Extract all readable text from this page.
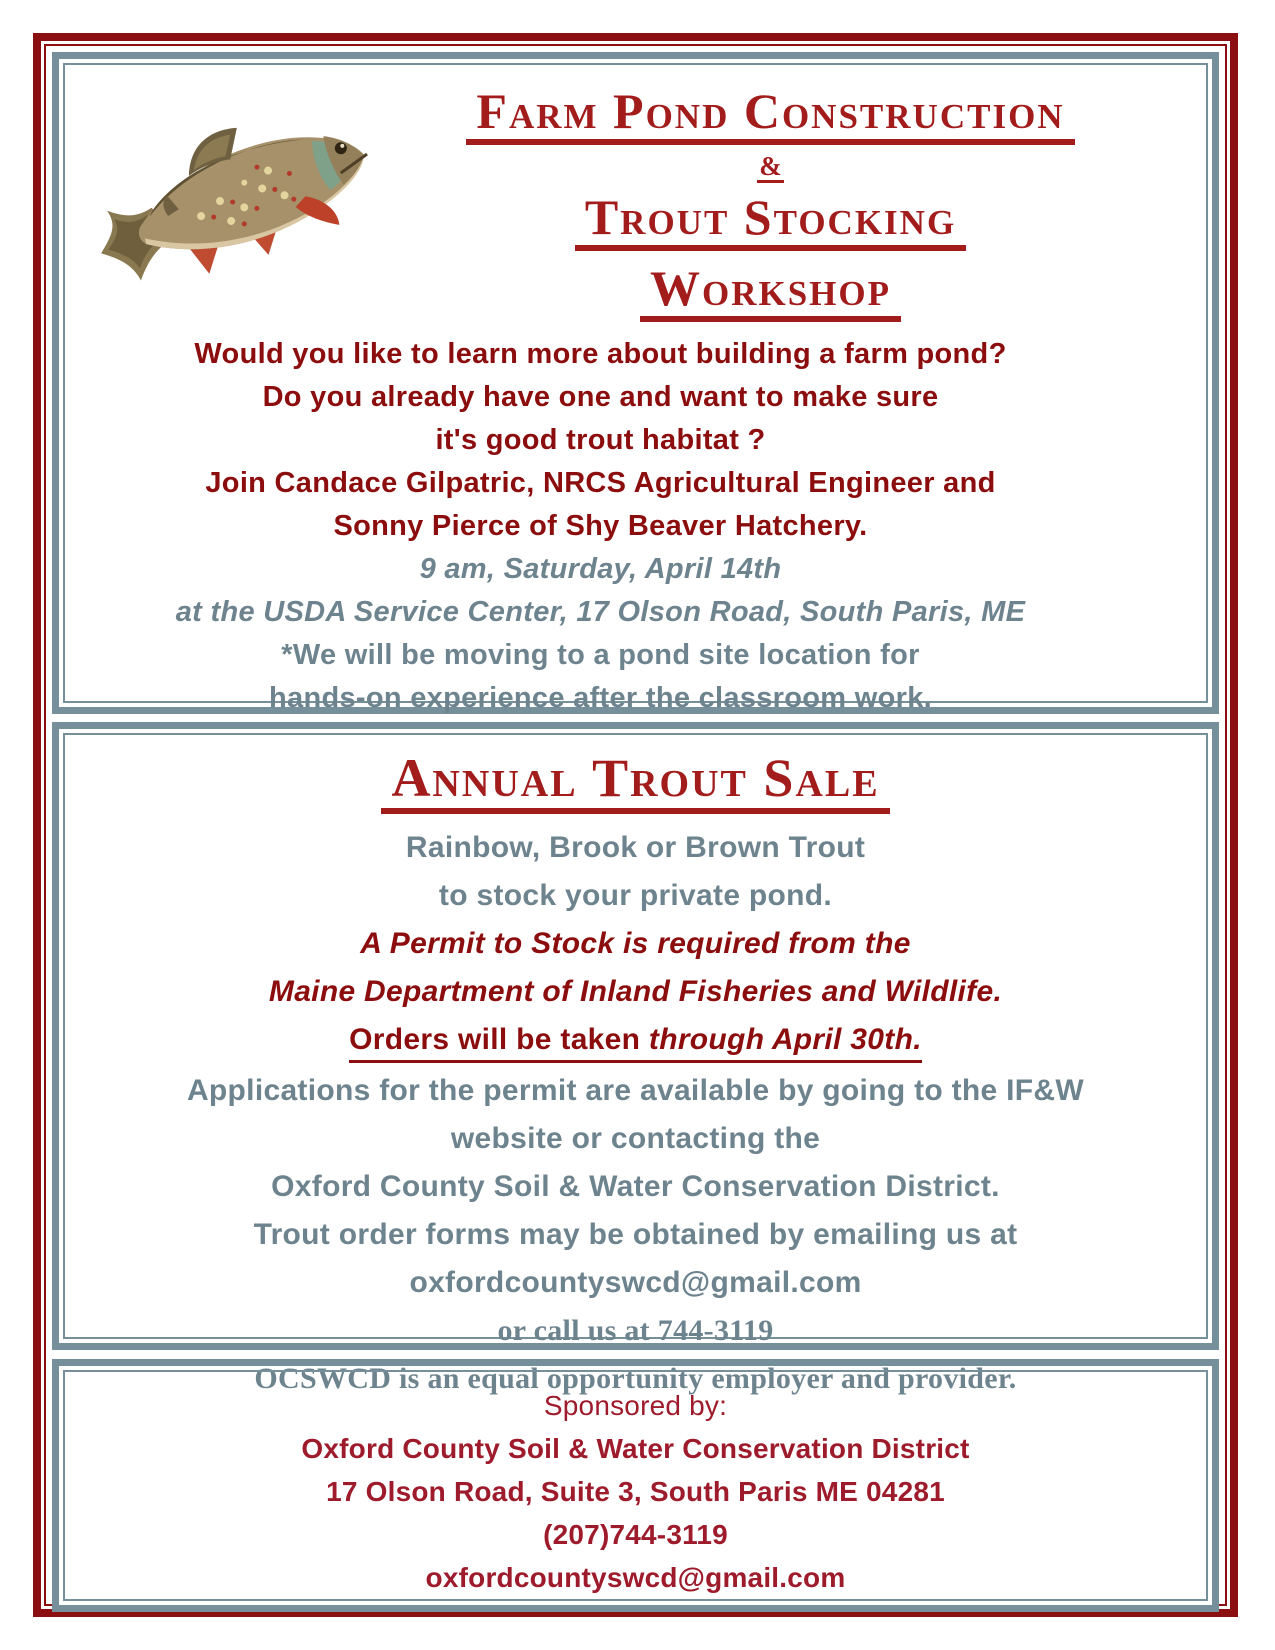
Farm Pond Construction
&
Trout Stocking
Workshop
Would you like to learn more about building a farm pond?
Do you already have one and want to make sure
it's good trout habitat ?
Join Candace Gilpatric, NRCS Agricultural Engineer and
Sonny Pierce of Shy Beaver Hatchery.
9 am, Saturday, April 14th
at the USDA Service Center, 17 Olson Road, South Paris, ME
*We will be moving to a pond site location for
hands-on experience after the classroom work.
Annual Trout Sale
Rainbow, Brook or Brown Trout
to stock your private pond.
A Permit to Stock is required from the
Maine Department of Inland Fisheries and Wildlife.
Orders will be taken through April 30th.
Applications for the permit are available by going to the IF&W
website or contacting the
Oxford County Soil & Water Conservation District.
Trout order forms may be obtained by emailing us at
oxfordcountyswcd@gmail.com
or call us at 744-3119
OCSWCD is an equal opportunity employer and provider.
Sponsored by:
Oxford County Soil & Water Conservation District
17 Olson Road, Suite 3, South Paris ME 04281
(207)744-3119
oxfordcountyswcd@gmail.com
